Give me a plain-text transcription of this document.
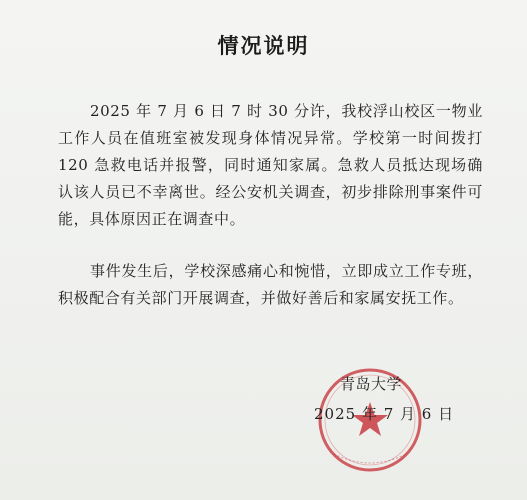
情况说明

2025 年 7 月 6 日 7 时 30 分许，我校浮山校区一物业工作人员在值班室被发现身体情况异常。学校第一时间拨打 120 急救电话并报警，同时通知家属。急救人员抵达现场确认该人员已不幸离世。经公安机关调查，初步排除刑事案件可能，具体原因正在调查中。

事件发生后，学校深感痛心和惋惜，立即成立工作专班，积极配合有关部门开展调查，并做好善后和家属安抚工作。

青岛大学
2025 年 7 月 6 日
